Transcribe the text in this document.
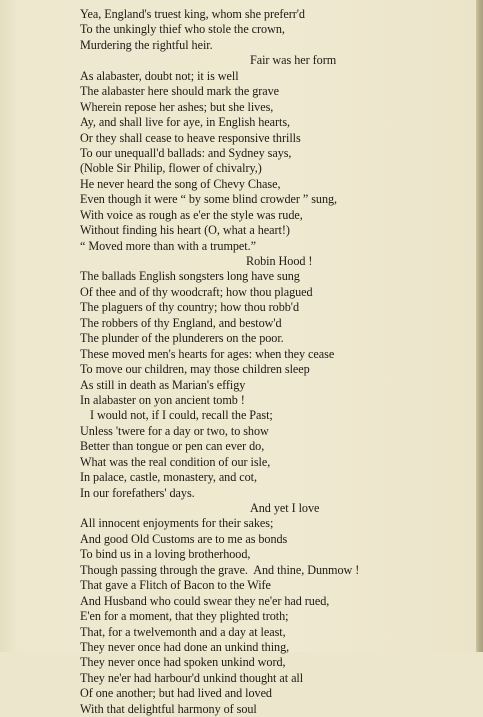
Yea, England's truest king, whom she preferr'd
To the unkingly thief who stole the crown,
Murdering the rightful heir.
Fair was her form
As alabaster, doubt not; it is well
The alabaster here should mark the grave
Wherein repose her ashes; but she lives,
Ay, and shall live for aye, in English hearts,
Or they shall cease to heave responsive thrills
To our unequall'd ballads: and Sydney says,
(Noble Sir Philip, flower of chivalry,)
He never heard the song of Chevy Chase,
Even though it were “ by some blind crowder ” sung,
With voice as rough as e'er the style was rude,
Without finding his heart (O, what a heart!)
“ Moved more than with a trumpet.”
Robin Hood !
The ballads English songsters long have sung
Of thee and of thy woodcraft; how thou plagued
The plaguers of thy country; how thou robb'd
The robbers of thy England, and bestow'd
The plunder of the plunderers on the poor.
These moved men's hearts for ages: when they cease
To move our children, may those children sleep
As still in death as Marian's effigy
In alabaster on yon ancient tomb !
I would not, if I could, recall the Past;
Unless 'twere for a day or two, to show
Better than tongue or pen can ever do,
What was the real condition of our isle,
In palace, castle, monastery, and cot,
In our forefathers' days.
And yet I love
All innocent enjoyments for their sakes;
And good Old Customs are to me as bonds
To bind us in a loving brotherhood,
Though passing through the grave.  And thine, Dunmow !
That gave a Flitch of Bacon to the Wife
And Husband who could swear they ne'er had rued,
E'en for a moment, that they plighted troth;
That, for a twelvemonth and a day at least,
They never once had done an unkind thing,
They never once had spoken unkind word,
They ne'er had harbour'd unkind thought at all
Of one another; but had lived and loved
With that delightful harmony of soul
